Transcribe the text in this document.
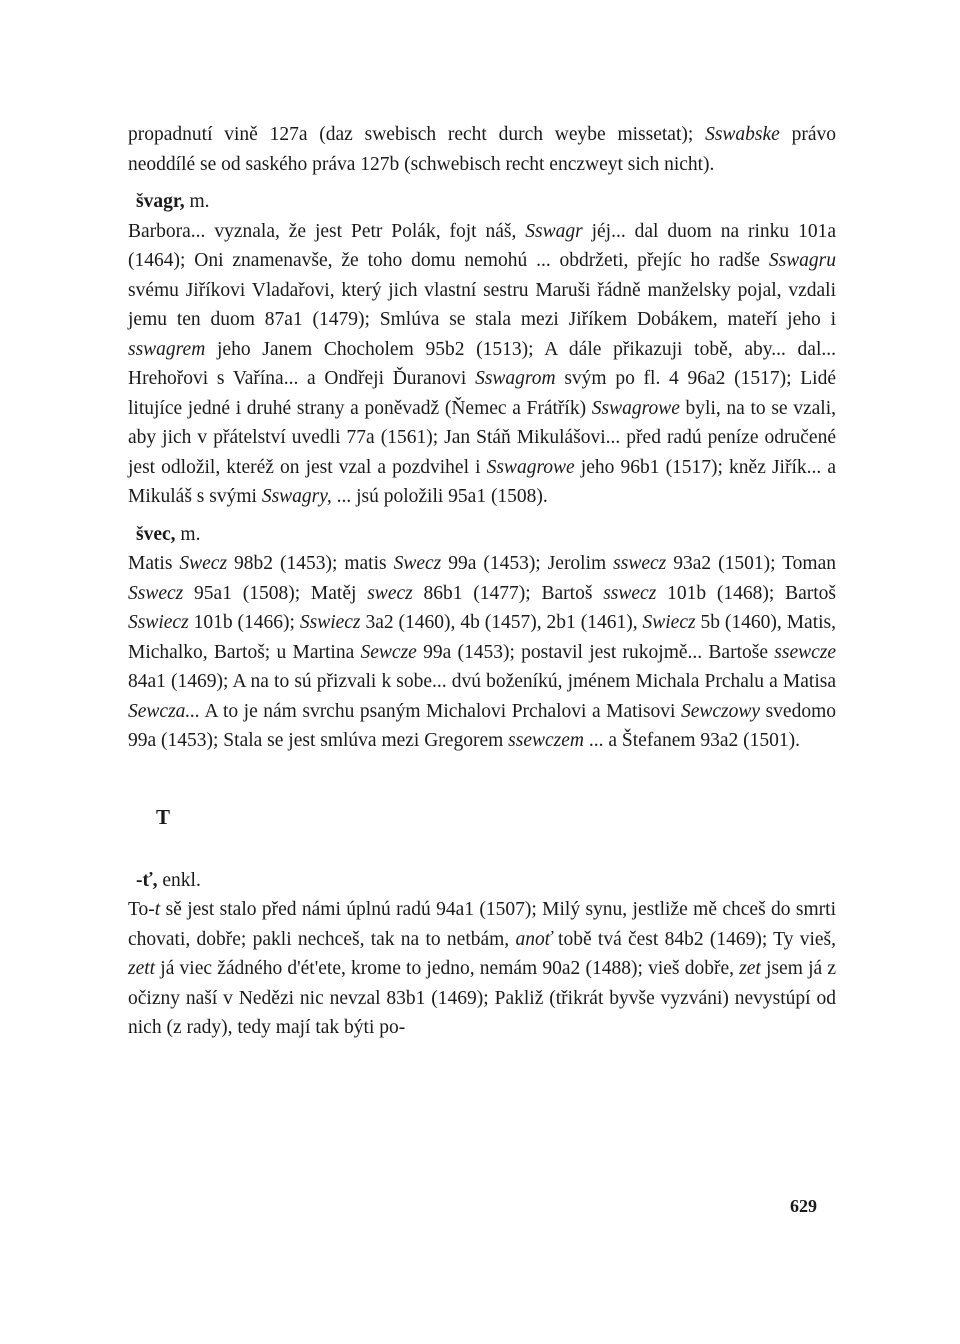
propadnutí vině 127a (daz swebisch recht durch weybe missetat); Sswabske právo neoddílé se od saského práva 127b (schwebisch recht enczweyt sich nicht).

švagr, m.

Barbora... vyznala, že jest Petr Polák, fojt náš, Sswagr jéj... dal duom na rinku 101a (1464); Oni znamenavše, že toho domu nemohú ... obdržeti, přejíc ho radše Sswagru svému Jiříkovi Vladařovi, který jich vlastní sestru Maruši řádně manželsky pojal, vzdali jemu ten duom 87a1 (1479); Smlúva se stala mezi Jiříkem Dobákem, mateří jeho i sswagrem jeho Janem Chocholem 95b2 (1513); A dále přikazuji tobě, aby... dal... Hrehořovi s Vařína... a Ondřeji Ďuranovi Sswagrom svým po fl. 4 96a2 (1517); Lidé litujíce jedné i druhé strany a poněvadž (Ňemec a Frátřík) Sswagrowe byli, na to se vzali, aby jich v přátelství uvedli 77a (1561); Jan Stáň Mikulášovi... před radú peníze odručené jest odložil, kteréž on jest vzal a pozdvihel i Sswagrowe jeho 96b1 (1517); kněz Jiřík... a Mikuláš s svými Sswagry, ... jsú položili 95a1 (1508).

švec, m.

Matis Swecz 98b2 (1453); matis Swecz 99a (1453); Jerolim sswecz 93a2 (1501); Toman Sswecz 95a1 (1508); Matěj swecz 86b1 (1477); Bartoš sswecz 101b (1468); Bartoš Sswiecz 101b (1466); Sswiecz 3a2 (1460), 4b (1457), 2b1 (1461), Swiecz 5b (1460), Matis, Michalko, Bartoš; u Martina Sewcze 99a (1453); postavil jest rukojmě... Bartoše ssewcze 84a1 (1469); A na to sú přizvali k sobe... dvú boženíkú, jménem Michala Prchalu a Matisa Sewcza... A to je nám svrchu psaným Michalovi Prchalovi a Matisovi Sewczowy svedomo 99a (1453); Stala se jest smlúva mezi Gregorem ssewczem ... a Štefanem 93a2 (1501).

T

-ť, enkl.

To-t sě jest stalo před námi úplnú radú 94a1 (1507); Milý synu, jestliže mě chceš do smrti chovati, dobře; pakli nechceš, tak na to netbám, anoť tobě tvá čest 84b2 (1469); Ty vieš, zett já viec žádného d'ét'ete, krome to jedno, nemám 90a2 (1488); vieš dobře, zet jsem já z očizny naší v Nedězi nic nevzal 83b1 (1469); Pakliž (třikrát byvše vyzváni) nevystúpí od nich (z rady), tedy mají tak býti po-

629
